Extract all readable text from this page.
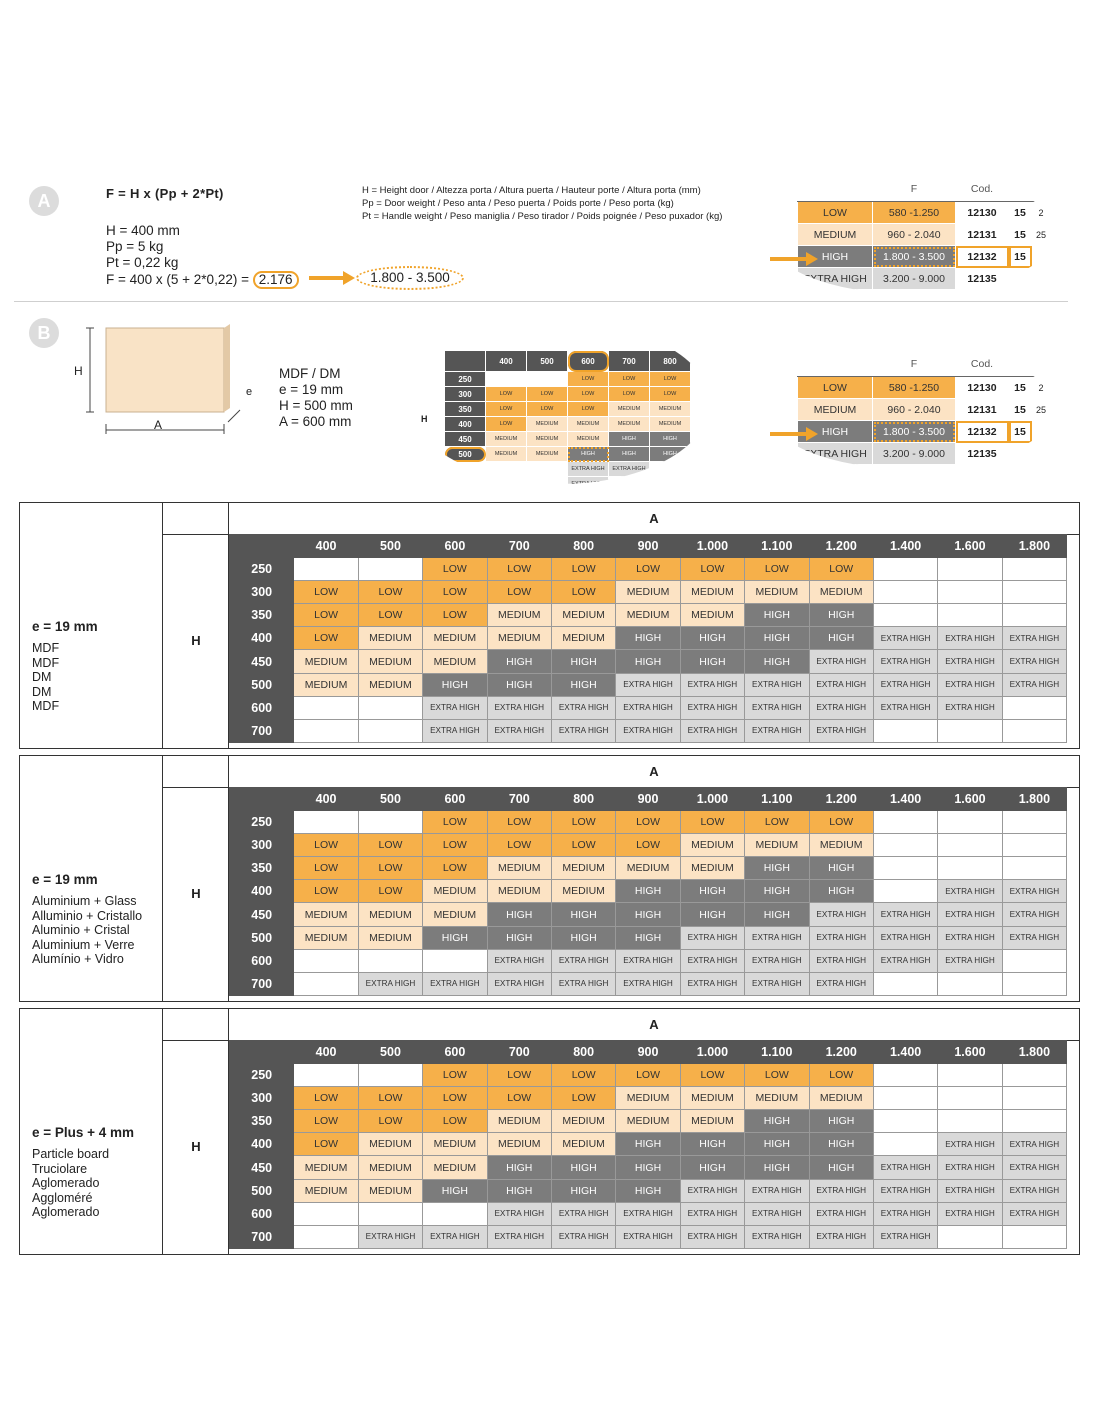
A	F = H x (Pp + 2*Pt)
H = 400 mm
Pp = 5 kg
Pt = 0,22 kg
F = 400 x (5 + 2*0,22) = 2.176	1.800 - 3.500
H = Height door / Altezza porta / Altura puerta / Hauteur porte / Altura porta (mm)
Pp = Door weight / Peso anta / Peso puerta / Poids porte / Peso porta (kg)
Pt = Handle weight / Peso maniglia / Peso tirador / Poids poignée / Peso puxador (kg)
	F	Cod.		
LOW	580 -1.250	12130	15	2
MEDIUM	960 - 2.040	12131	15	25
HIGH	1.800 - 3.500	12132	15	
EXTRA HIGH	3.200 - 9.000	12135		
B
H
A
e
MDF / DM
e = 19 mm
H = 500 mm
A = 600 mm
	400	500	600	700	800
250			LOW	LOW	LOW
300	LOW	LOW	LOW	LOW	LOW
350	LOW	LOW	LOW	MEDIUM	MEDIUM
400	LOW	MEDIUM	MEDIUM	MEDIUM	MEDIUM
450	MEDIUM	MEDIUM	MEDIUM	HIGH	HIGH
500	MEDIUM	MEDIUM	HIGH	HIGH	HIGH
			EXTRA HIGH	EXTRA HIGH	
			EXTRA HIGH		
H
	F	Cod.		
LOW	580 -1.250	12130	15	2
MEDIUM	960 - 2.040	12131	15	25
HIGH	1.800 - 3.500	12132	15	
EXTRA HIGH	3.200 - 9.000	12135		
e = 19 mm
MDF
MDF
DM
DM
MDF
H
A
	400	500	600	700	800	900	1.000	1.100	1.200	1.400	1.600	1.800
250			LOW	LOW	LOW	LOW	LOW	LOW	LOW			
300	LOW	LOW	LOW	LOW	LOW	MEDIUM	MEDIUM	MEDIUM	MEDIUM			
350	LOW	LOW	LOW	MEDIUM	MEDIUM	MEDIUM	MEDIUM	HIGH	HIGH			
400	LOW	MEDIUM	MEDIUM	MEDIUM	MEDIUM	HIGH	HIGH	HIGH	HIGH	EXTRA HIGH	EXTRA HIGH	EXTRA HIGH
450	MEDIUM	MEDIUM	MEDIUM	HIGH	HIGH	HIGH	HIGH	HIGH	EXTRA HIGH	EXTRA HIGH	EXTRA HIGH	EXTRA HIGH
500	MEDIUM	MEDIUM	HIGH	HIGH	HIGH	EXTRA HIGH	EXTRA HIGH	EXTRA HIGH	EXTRA HIGH	EXTRA HIGH	EXTRA HIGH	EXTRA HIGH
600			EXTRA HIGH	EXTRA HIGH	EXTRA HIGH	EXTRA HIGH	EXTRA HIGH	EXTRA HIGH	EXTRA HIGH	EXTRA HIGH	EXTRA HIGH	
700			EXTRA HIGH	EXTRA HIGH	EXTRA HIGH	EXTRA HIGH	EXTRA HIGH	EXTRA HIGH	EXTRA HIGH			
e = 19 mm
Aluminium + Glass
Alluminio + Cristallo
Aluminio + Cristal
Aluminium + Verre
Alumínio + Vidro
H
A
	400	500	600	700	800	900	1.000	1.100	1.200	1.400	1.600	1.800
250			LOW	LOW	LOW	LOW	LOW	LOW	LOW			
300	LOW	LOW	LOW	LOW	LOW	LOW	MEDIUM	MEDIUM	MEDIUM			
350	LOW	LOW	LOW	MEDIUM	MEDIUM	MEDIUM	MEDIUM	HIGH	HIGH			
400	LOW	LOW	MEDIUM	MEDIUM	MEDIUM	HIGH	HIGH	HIGH	HIGH		EXTRA HIGH	EXTRA HIGH
450	MEDIUM	MEDIUM	MEDIUM	HIGH	HIGH	HIGH	HIGH	HIGH	EXTRA HIGH	EXTRA HIGH	EXTRA HIGH	EXTRA HIGH
500	MEDIUM	MEDIUM	HIGH	HIGH	HIGH	HIGH	EXTRA HIGH	EXTRA HIGH	EXTRA HIGH	EXTRA HIGH	EXTRA HIGH	EXTRA HIGH
600				EXTRA HIGH	EXTRA HIGH	EXTRA HIGH	EXTRA HIGH	EXTRA HIGH	EXTRA HIGH	EXTRA HIGH	EXTRA HIGH	
700		EXTRA HIGH	EXTRA HIGH	EXTRA HIGH	EXTRA HIGH	EXTRA HIGH	EXTRA HIGH	EXTRA HIGH	EXTRA HIGH			
e = Plus + 4 mm
Particle board
Truciolare
Aglomerado
Aggloméré
Aglomerado
H
A
	400	500	600	700	800	900	1.000	1.100	1.200	1.400	1.600	1.800
250			LOW	LOW	LOW	LOW	LOW	LOW	LOW			
300	LOW	LOW	LOW	LOW	LOW	MEDIUM	MEDIUM	MEDIUM	MEDIUM			
350	LOW	LOW	LOW	MEDIUM	MEDIUM	MEDIUM	MEDIUM	HIGH	HIGH			
400	LOW	MEDIUM	MEDIUM	MEDIUM	MEDIUM	HIGH	HIGH	HIGH	HIGH		EXTRA HIGH	EXTRA HIGH
450	MEDIUM	MEDIUM	MEDIUM	HIGH	HIGH	HIGH	HIGH	HIGH	HIGH	EXTRA HIGH	EXTRA HIGH	EXTRA HIGH
500	MEDIUM	MEDIUM	HIGH	HIGH	HIGH	HIGH	EXTRA HIGH	EXTRA HIGH	EXTRA HIGH	EXTRA HIGH	EXTRA HIGH	EXTRA HIGH
600				EXTRA HIGH	EXTRA HIGH	EXTRA HIGH	EXTRA HIGH	EXTRA HIGH	EXTRA HIGH	EXTRA HIGH	EXTRA HIGH	EXTRA HIGH
700		EXTRA HIGH	EXTRA HIGH	EXTRA HIGH	EXTRA HIGH	EXTRA HIGH	EXTRA HIGH	EXTRA HIGH	EXTRA HIGH	EXTRA HIGH		
